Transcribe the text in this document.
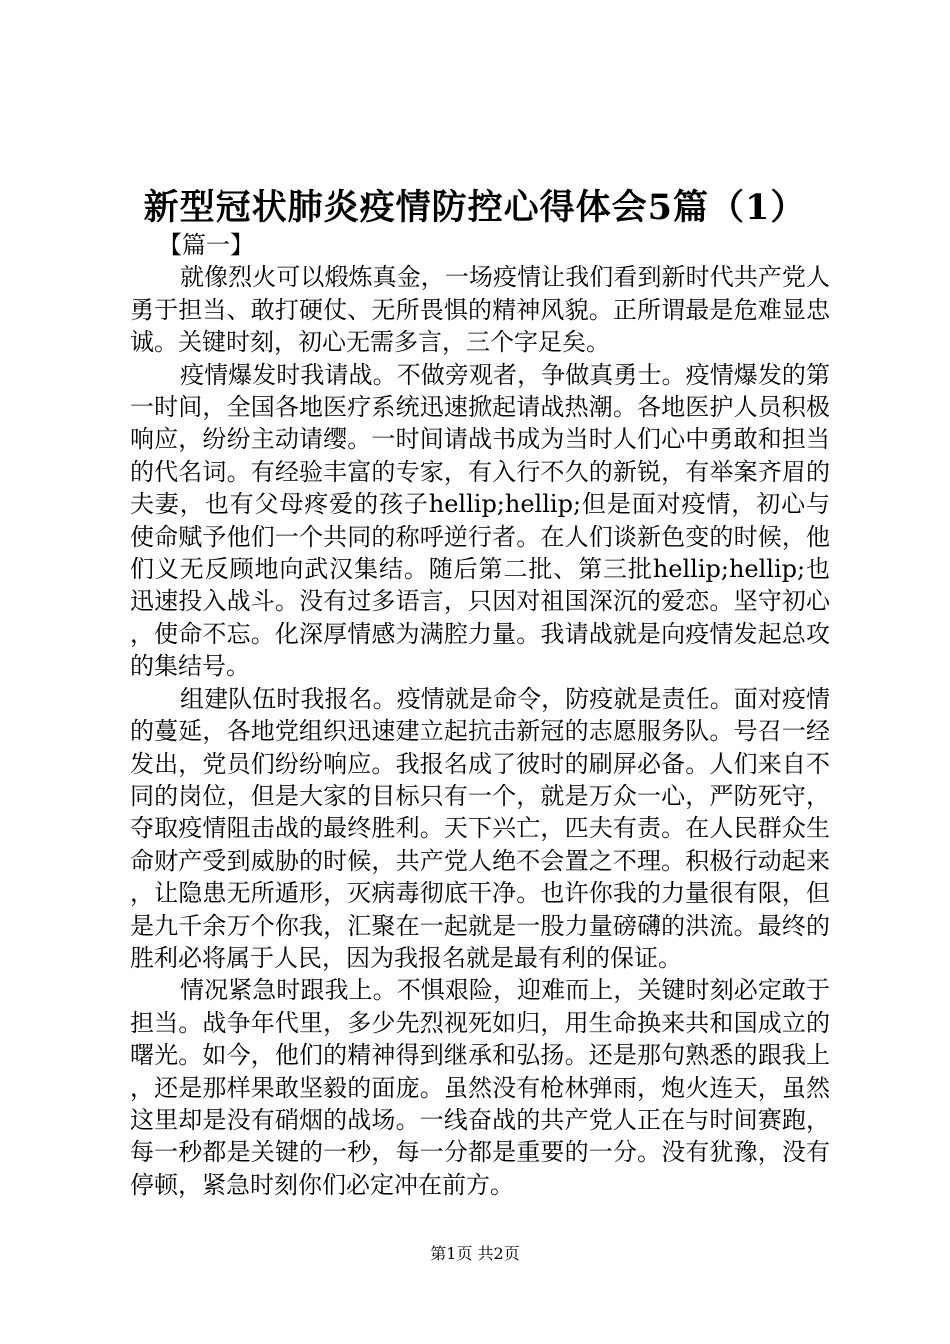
新型冠状肺炎疫情防控心得体会5篇（1）

【篇一】

就像烈火可以煅炼真金，一场疫情让我们看到新时代共产党人勇于担当、敢打硬仗、无所畏惧的精神风貌。正所谓最是危难显忠诚。关键时刻，初心无需多言，三个字足矣。

疫情爆发时我请战。不做旁观者，争做真勇士。疫情爆发的第一时间，全国各地医疗系统迅速掀起请战热潮。各地医护人员积极响应，纷纷主动请缨。一时间请战书成为当时人们心中勇敢和担当的代名词。有经验丰富的专家，有入行不久的新锐，有举案齐眉的夫妻，也有父母疼爱的孩子hellip;hellip;但是面对疫情，初心与使命赋予他们一个共同的称呼逆行者。在人们谈新色变的时候，他们义无反顾地向武汉集结。随后第二批、第三批hellip;hellip;也迅速投入战斗。没有过多语言，只因对祖国深沉的爱恋。坚守初心，使命不忘。化深厚情感为满腔力量。我请战就是向疫情发起总攻的集结号。

组建队伍时我报名。疫情就是命令，防疫就是责任。面对疫情的蔓延，各地党组织迅速建立起抗击新冠的志愿服务队。号召一经发出，党员们纷纷响应。我报名成了彼时的刷屏必备。人们来自不同的岗位，但是大家的目标只有一个，就是万众一心，严防死守，夺取疫情阻击战的最终胜利。天下兴亡，匹夫有责。在人民群众生命财产受到威胁的时候，共产党人绝不会置之不理。积极行动起来，让隐患无所遁形，灭病毒彻底干净。也许你我的力量很有限，但是九千余万个你我，汇聚在一起就是一股力量磅礴的洪流。最终的胜利必将属于人民，因为我报名就是最有利的保证。

情况紧急时跟我上。不惧艰险，迎难而上，关键时刻必定敢于担当。战争年代里，多少先烈视死如归，用生命换来共和国成立的曙光。如今，他们的精神得到继承和弘扬。还是那句熟悉的跟我上，还是那样果敢坚毅的面庞。虽然没有枪林弹雨，炮火连天，虽然这里却是没有硝烟的战场。一线奋战的共产党人正在与时间赛跑，每一秒都是关键的一秒，每一分都是重要的一分。没有犹豫，没有停顿，紧急时刻你们必定冲在前方。

第1页 共2页
